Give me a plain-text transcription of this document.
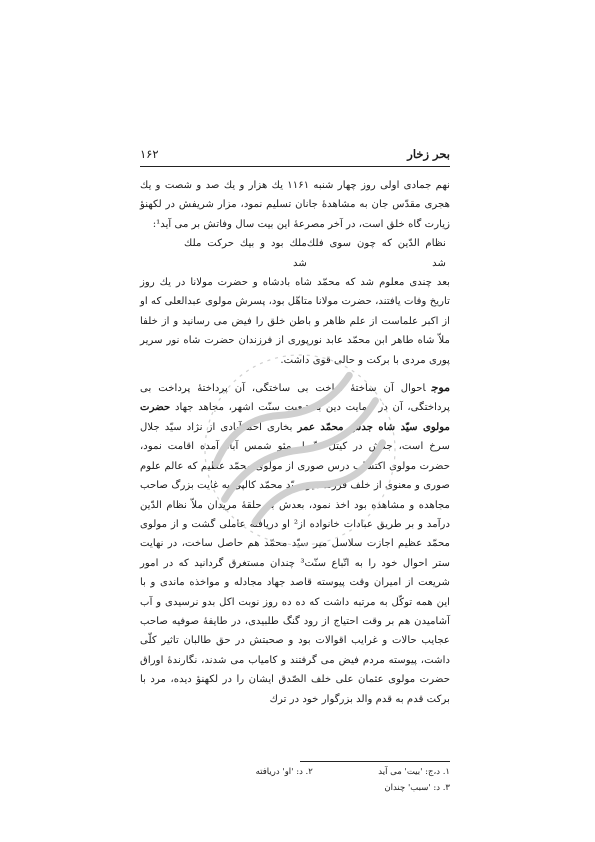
بحر زخار
۱۶۲

نهم جمادی اولی روز چهار شنبه ۱۱۶۱ یك هزار و یك صد و شصت و یك هجری مقدّس جان به مشاهدهٔ جانان تسلیم نمود، مزار شریفش در لکهنؤ زیارت گاه خلق است، در آخر مصرعهٔ این بیت سال وفاتش بر می آید¹:

نظام الدّین که چون سوی فلك شد
ملك بود و بیك حرکت ملك شد

بعد چندی معلوم شد که محمّد شاه بادشاه و حضرت مولانا در یك روز تاریخ وفات یافتند، حضرت مولانا متاهّل بود، پسرش مولوی عبدالعلی که او از اکبر علماست از علم ظاهر و باطن خلق را فیض می رسانید و از خلفا ملاّ شاه طاهر ابن محمّد عابد نورپوری از فرزندان حضرت شاه نور سریر پوری مردی با برکت و حالی قوی داشت.

موجاحوال آن ساختهٔ ساخت بی ساختگی، آن پرداختهٔ پرداخت بی پرداختگی، آن در حمایت دین به تبعیت سنّت اشهر، مجاهد جهاد حضرت مولوی سیّد شاه جدش محمّد عمر بخاری احمدآبادی از نژاد سیّد جلال سرخ است، جدّش در کیتل متّصل مئو شمس آباد آمده اقامت نمود، حضرت مولوی اکتساب درس صوری از مولوی محمّد عظیم که عالم علوم صوری و معنوی از خلف فرزند میر سیّد محمّد کالپی به غایت بزرگ صاحب مجاهده و مشاهده بود اخذ نمود، بعدش به حلقهٔ مریدان ملاّ نظام الدّین درآمد و بر طریق عبادات خانواده از² او دریافته عاملی گشت و از مولوی محمّد عظیم اجازت سلاسل میر سیّد محمّد هم حاصل ساخت، در نهایت ستر احوال خود را به اتّباع سنّت³ چندان مستغرق گردانید که در امور شریعت از امیران وقت پیوسته قاصد جهاد مجادله و مواخذه ماندی و با این همه توکّل به مرتبه داشت که ده ده روز نوبت اکل بدو نرسیدی و آب آشامیدن هم بر وقت احتیاج از رود گنگ طلبیدی، در طایفهٔ صوفیه صاحب عجایب حالات و غرایب اقوالات بود و صحبتش در حق طالبان تاثیر کلّی داشت، پیوسته مردم فیض می گرفتند و کامیاب می شدند، نگارندهٔ اوراق حضرت مولوی عثمان علی خلف الصّدق ایشان را در لکهنؤ دیده، مرد با برکت قدم به قدم والد بزرگوار خود در ترك

۱. د،ج: 'بیت' می آید  ۲. د: 'او' دریافته
۳. د: 'سبب' چندان
